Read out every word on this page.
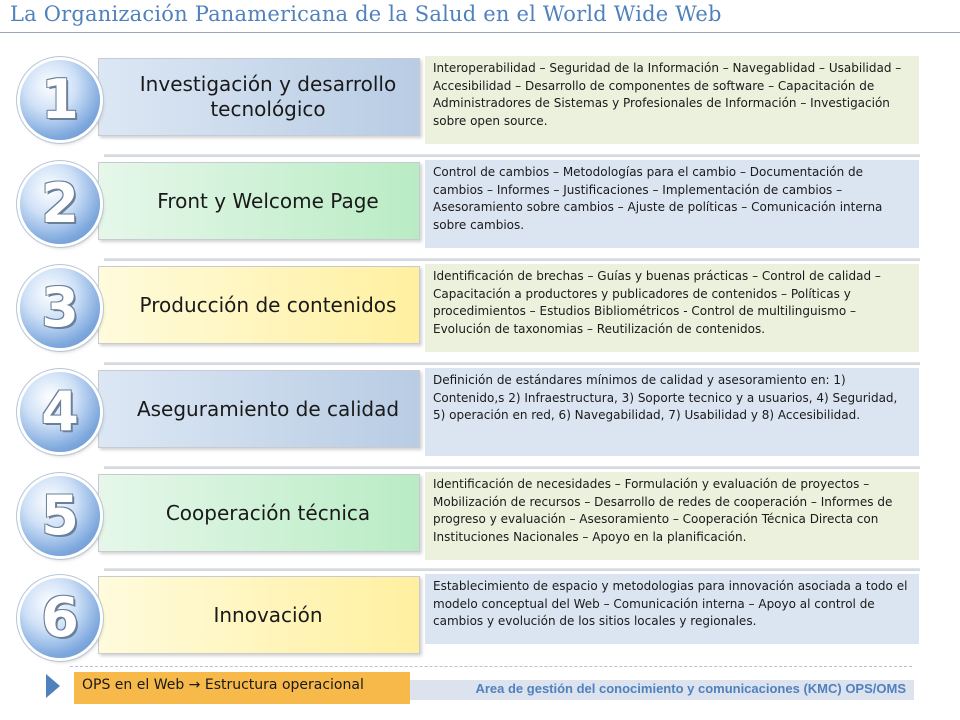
La Organización Panamericana de la Salud en el World Wide Web
Investigación y desarrollo tecnológico
1	Interoperabilidad – Seguridad de la Información – Navegablidad – Usabilidad – Accesibilidad – Desarrollo de componentes de software – Capacitación de Administradores de Sistemas y Profesionales de Información – Investigación sobre open source.
Front y Welcome Page
2	Control de cambios – Metodologías para el cambio – Documentación de cambios – Informes – Justificaciones – Implementación de cambios – Asesoramiento sobre cambios – Ajuste de políticas – Comunicación interna sobre cambios.
Producción de contenidos
3	Identificación de brechas – Guías y buenas prácticas – Control de calidad – Capacitación a productores y publicadores de contenidos – Políticas y procedimientos – Estudios Bibliométricos - Control de multilinguismo – Evolución de taxonomias – Reutilización de contenidos.
Aseguramiento de calidad
4	Definición de estándares mínimos de calidad y asesoramiento en: 1) Contenido,s 2) Infraestructura, 3) Soporte tecnico y a usuarios, 4) Seguridad, 5) operación en red, 6) Navegabilidad, 7) Usabilidad y 8) Accesibilidad.
Cooperación técnica
5	Identificación de necesidades – Formulación y evaluación de proyectos – Mobilización de recursos – Desarrollo de redes de cooperación – Informes de progreso y evaluación – Asesoramiento – Cooperación Técnica Directa con Instituciones Nacionales – Apoyo en la planificación.
Innovación
6	Establecimiento de espacio y metodologias para innovación asociada a todo el modelo conceptual del Web – Comunicación interna – Apoyo al control de cambios y evolución de los sitios locales y regionales.
OPS en el Web → Estructura operacional	Area de gestión del conocimiento y comunicaciones (KMC) OPS/OMS
